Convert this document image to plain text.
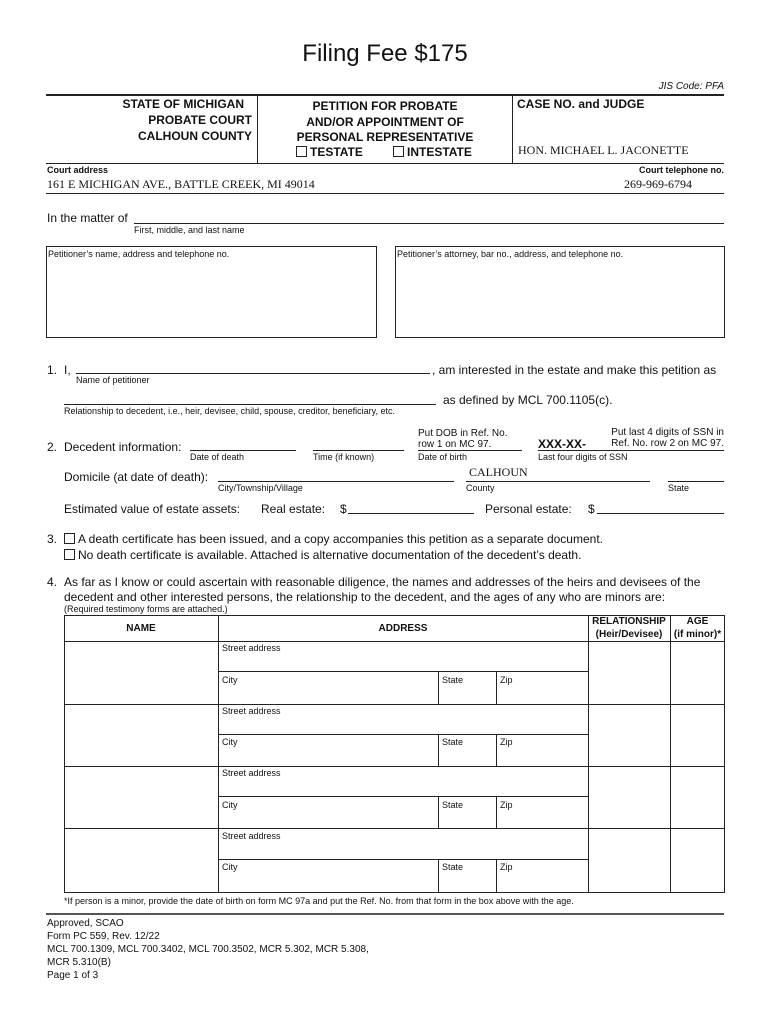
Filing Fee $175
JIS Code: PFA
STATE OF MICHIGAN
PROBATE COURT
CALHOUN COUNTY
PETITION FOR PROBATE
AND/OR APPOINTMENT OF
PERSONAL REPRESENTATIVE
TESTATE	INTESTATE
CASE NO. and JUDGE
HON. MICHAEL L. JACONETTE
Court address	Court telephone no.
161 E MICHIGAN AVE., BATTLE CREEK, MI 49014	269-969-6794
In the matter of
First, middle, and last name
Petitioner’s name, address and telephone no.	Petitioner’s attorney, bar no., address, and telephone no.
1. I,	, am interested in the estate and make this petition as
Name of petitioner
as defined by MCL 700.1105(c).
Relationship to decedent, i.e., heir, devisee, child, spouse, creditor, beneficiary, etc.
2. Decedent information:
Date of death	Time (if known)
Put DOB in Ref. No.
row 1 on MC 97.
Date of birth
Put last 4 digits of SSN in
XXX-XX-	Ref. No. row 2 on MC 97.
Last four digits of SSN
Domicile (at date of death):
City/Township/Village
CALHOUN
County	State
Estimated value of estate assets: Real estate: $	Personal estate: $
3.	A death certificate has been issued, and a copy accompanies this petition as a separate document.
No death certificate is available. Attached is alternative documentation of the decedent’s death.
4. As far as I know or could ascertain with reasonable diligence, the names and addresses of the heirs and devisees of the
decedent and other interested persons, the relationship to the decedent, and the ages of any who are minors are:
(Required testimony forms are attached.)
NAME	ADDRESS
RELATIONSHIP
(Heir/Devisee)
AGE
(if minor)*
Street address
City	State	Zip
Street address
City	State	Zip
Street address
City	State	Zip
Street address
City	State	Zip
*If person is a minor, provide the date of birth on form MC 97a and put the Ref. No. from that form in the box above with the age.
Approved, SCAO
Form PC 559, Rev. 12/22
MCL 700.1309, MCL 700.3402, MCL 700.3502, MCR 5.302, MCR 5.308,
MCR 5.310(B)
Page 1 of 3
